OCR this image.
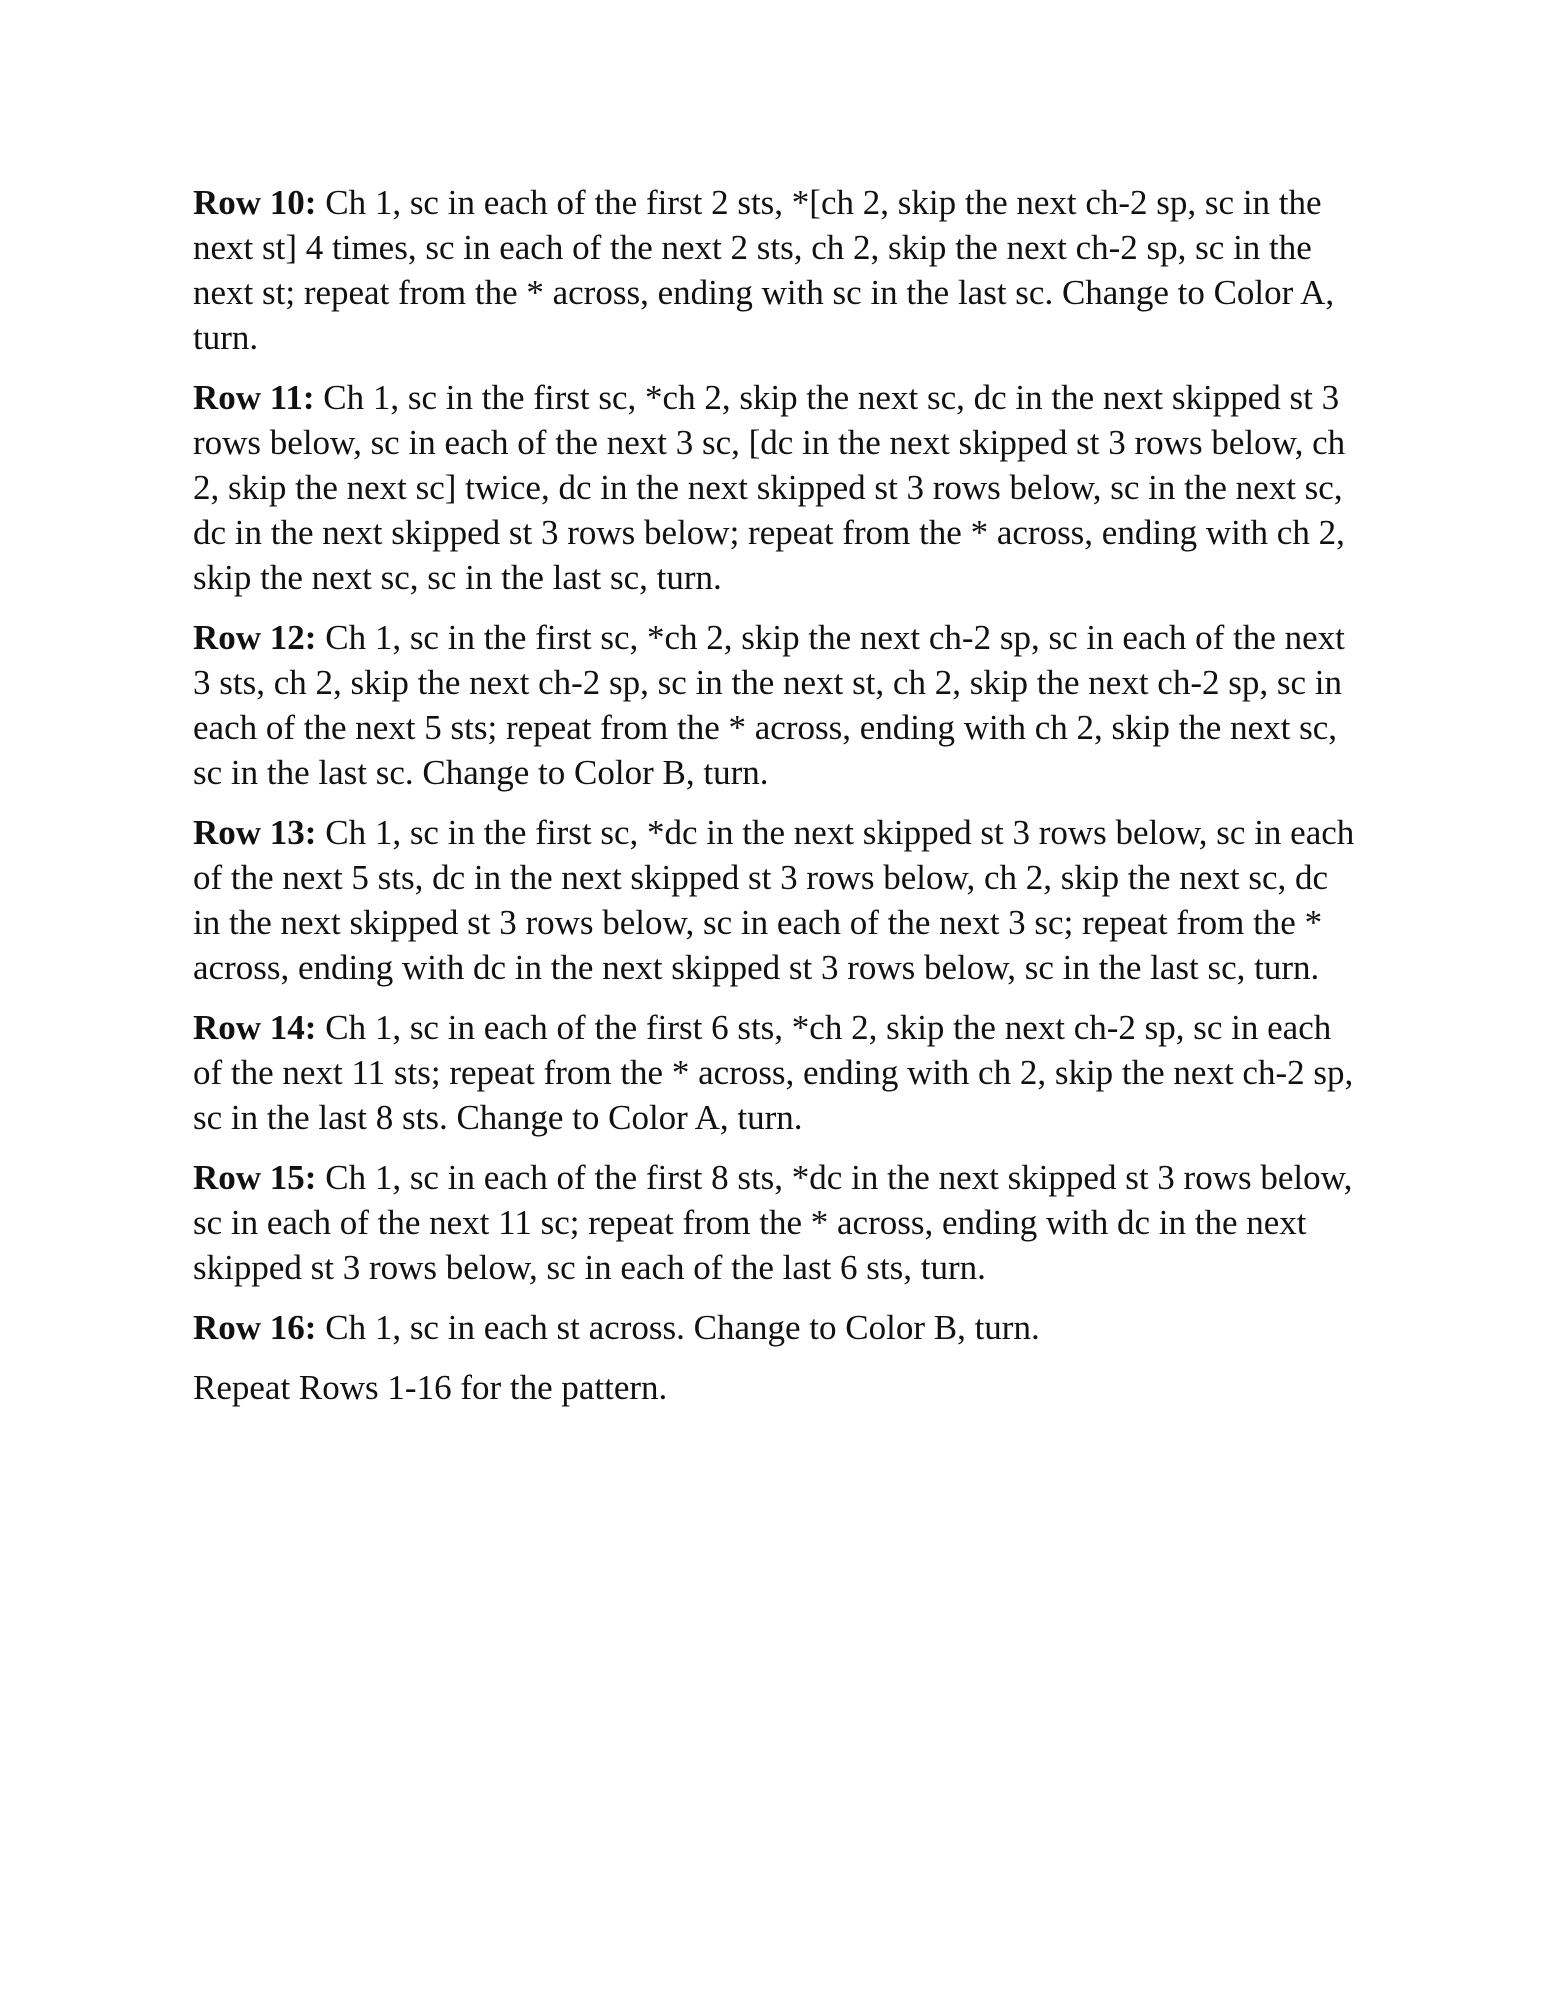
Row 10: Ch 1, sc in each of the first 2 sts, *[ch 2, skip the next ch-2 sp, sc in the next st] 4 times, sc in each of the next 2 sts, ch 2, skip the next ch-2 sp, sc in the next st; repeat from the * across, ending with sc in the last sc. Change to Color A, turn.

Row 11: Ch 1, sc in the first sc, *ch 2, skip the next sc, dc in the next skipped st 3 rows below, sc in each of the next 3 sc, [dc in the next skipped st 3 rows below, ch 2, skip the next sc] twice, dc in the next skipped st 3 rows below, sc in the next sc, dc in the next skipped st 3 rows below; repeat from the * across, ending with ch 2, skip the next sc, sc in the last sc, turn.

Row 12: Ch 1, sc in the first sc, *ch 2, skip the next ch-2 sp, sc in each of the next 3 sts, ch 2, skip the next ch-2 sp, sc in the next st, ch 2, skip the next ch-2 sp, sc in each of the next 5 sts; repeat from the * across, ending with ch 2, skip the next sc, sc in the last sc. Change to Color B, turn.

Row 13: Ch 1, sc in the first sc, *dc in the next skipped st 3 rows below, sc in each of the next 5 sts, dc in the next skipped st 3 rows below, ch 2, skip the next sc, dc in the next skipped st 3 rows below, sc in each of the next 3 sc; repeat from the * across, ending with dc in the next skipped st 3 rows below, sc in the last sc, turn.

Row 14: Ch 1, sc in each of the first 6 sts, *ch 2, skip the next ch-2 sp, sc in each of the next 11 sts; repeat from the * across, ending with ch 2, skip the next ch-2 sp, sc in the last 8 sts. Change to Color A, turn.

Row 15: Ch 1, sc in each of the first 8 sts, *dc in the next skipped st 3 rows below, sc in each of the next 11 sc; repeat from the * across, ending with dc in the next skipped st 3 rows below, sc in each of the last 6 sts, turn.

Row 16: Ch 1, sc in each st across. Change to Color B, turn.

Repeat Rows 1-16 for the pattern.
